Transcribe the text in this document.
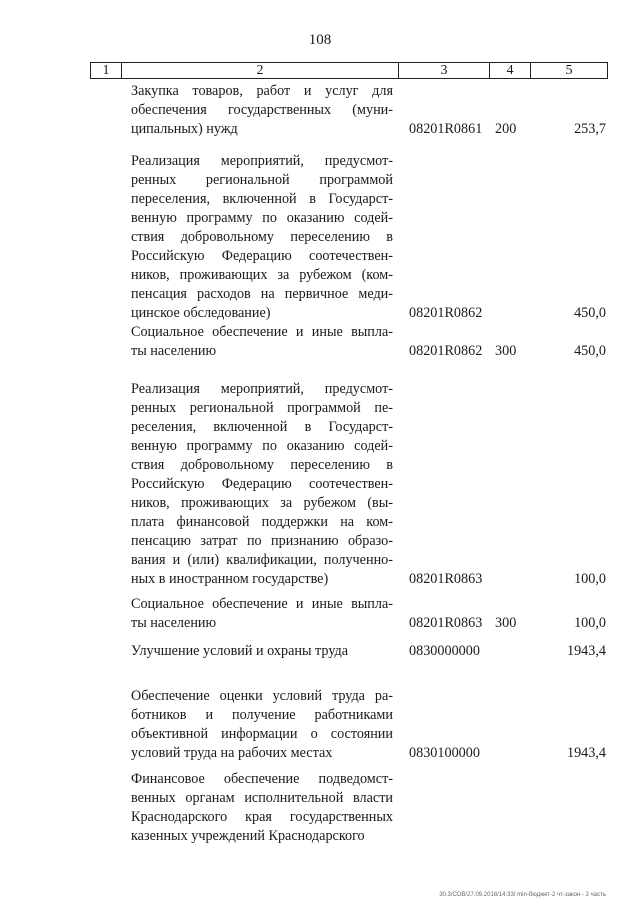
108
1	2	3	4	5
Закупка товаров, работ и услуг для
обеспечения государственных (муни-
ципальных) нужд	08201R0861 200	253,7
Реализация мероприятий, предусмот-
ренных региональной программой
переселения, включенной в Государст-
венную программу по оказанию содей-
ствия добровольному переселению в
Российскую Федерацию соотечествен-
ников, проживающих за рубежом (ком-
пенсация расходов на первичное меди-
цинское обследование)	08201R0862	450,0
Социальное обеспечение и иные выпла-
ты населению	08201R0862 300	450,0
Реализация мероприятий, предусмот-
ренных региональной программой пе-
реселения, включенной в Государст-
венную программу по оказанию содей-
ствия добровольному переселению в
Российскую Федерацию соотечествен-
ников, проживающих за рубежом (вы-
плата финансовой поддержки на ком-
пенсацию затрат по признанию образо-
вания и (или) квалификации, полученно-
ных в иностранном государстве)	08201R0863	100,0
Социальное обеспечение и иные выпла-
ты населению	08201R0863 300	100,0
Улучшение условий и охраны труда	0830000000	1943,4
Обеспечение оценки условий труда ра-
ботников и получение работниками
объективной информации о состоянии
условий труда на рабочих местах	0830100000	1943,4
Финансовое обеспечение подведомст-
венных органам исполнительной власти
Краснодарского края государственных
казенных учреждений Краснодарского
30.3/СОВ/27.09.2018/14:33/ min-бюджет-2 чт-закон - 2 часть
